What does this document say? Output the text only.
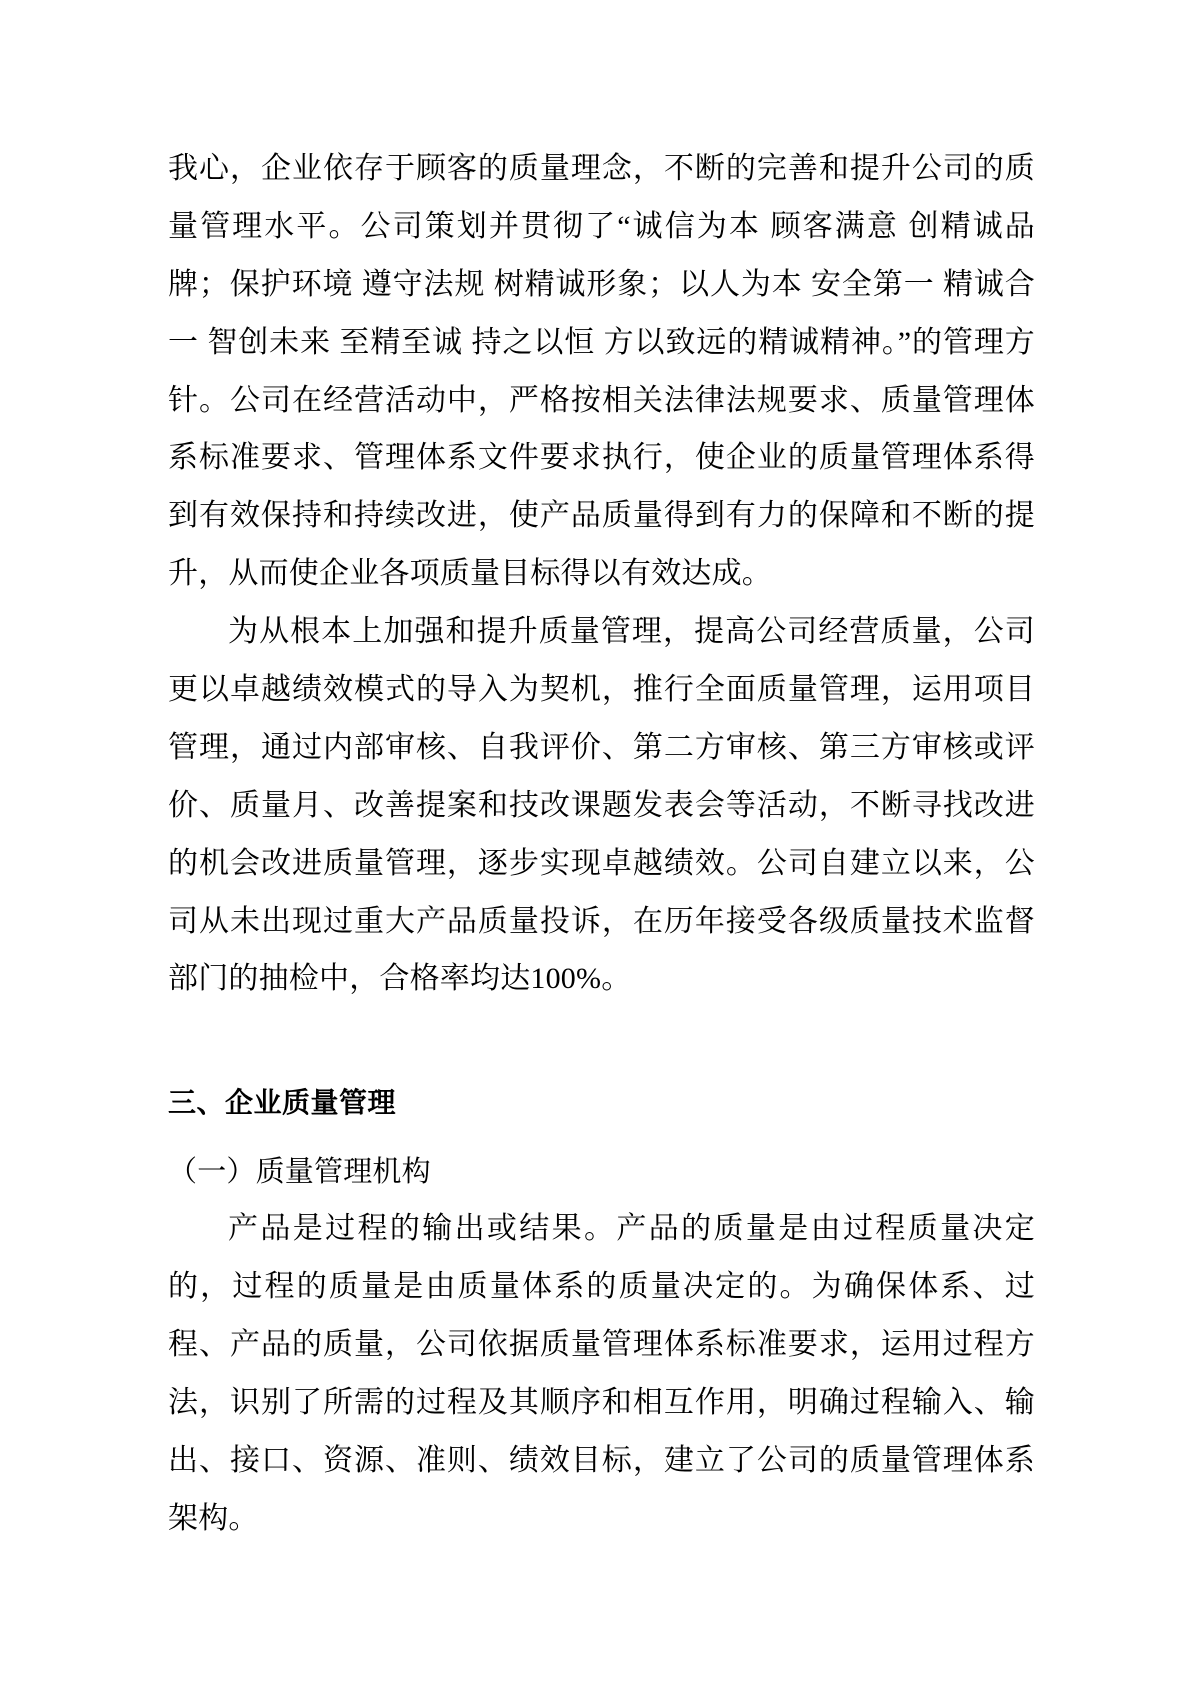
我心，企业依存于顾客的质量理念，不断的完善和提升公司的质量管理水平。公司策划并贯彻了“诚信为本 顾客满意 创精诚品牌；保护环境 遵守法规 树精诚形象；以人为本 安全第一 精诚合一 智创未来 至精至诚 持之以恒 方以致远的精诚精神。”的管理方针。公司在经营活动中，严格按相关法律法规要求、质量管理体系标准要求、管理体系文件要求执行，使企业的质量管理体系得到有效保持和持续改进，使产品质量得到有力的保障和不断的提升，从而使企业各项质量目标得以有效达成。

为从根本上加强和提升质量管理，提高公司经营质量，公司更以卓越绩效模式的导入为契机，推行全面质量管理，运用项目管理，通过内部审核、自我评价、第二方审核、第三方审核或评价、质量月、改善提案和技改课题发表会等活动，不断寻找改进的机会改进质量管理，逐步实现卓越绩效。公司自建立以来，公司从未出现过重大产品质量投诉，在历年接受各级质量技术监督部门的抽检中，合格率均达100%。

三、企业质量管理

（一）质量管理机构

产品是过程的输出或结果。产品的质量是由过程质量决定的，过程的质量是由质量体系的质量决定的。为确保体系、过程、产品的质量，公司依据质量管理体系标准要求，运用过程方法，识别了所需的过程及其顺序和相互作用，明确过程输入、输出、接口、资源、准则、绩效目标，建立了公司的质量管理体系架构。
